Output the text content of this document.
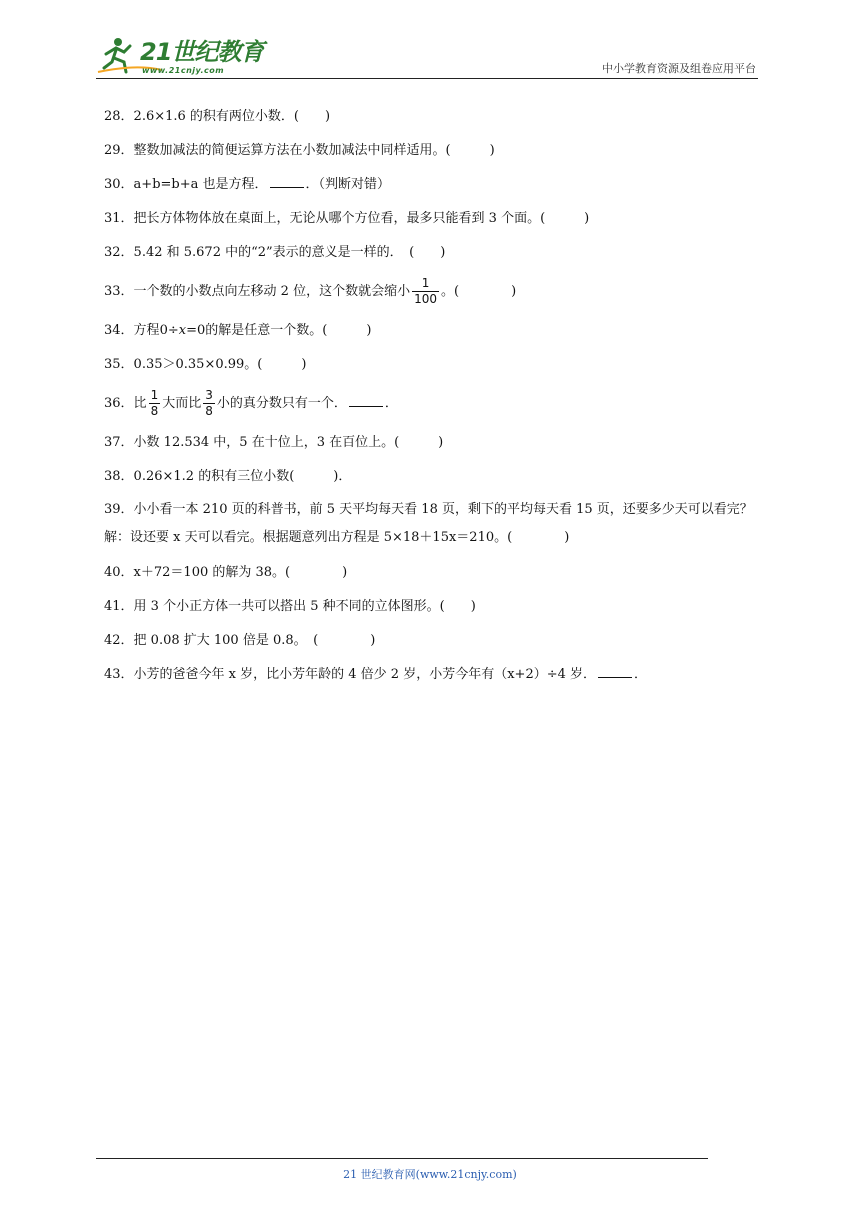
21世纪教育
www.21cnjy.com	中小学教育资源及组卷应用平台
28．2.6×1.6 的积有两位小数．(　　)
29．整数加减法的简便运算方法在小数加减法中同样适用。(　　　)
30．a+b=b+a 也是方程．	．（判断对错）
31．把长方体物体放在桌面上，无论从哪个方位看，最多只能看到 3 个面。(　　　)
32．5.42 和 5.672 中的“2”表示的意义是一样的．　(　　)
33．一个数的小数点向左移动 2 位，这个数就会缩小 $\frac{1}{100}$ 。(　　　　)
34．方程0÷x=0的解是任意一个数。(　　　)
35．0.35＞0.35×0.99。(　　　)
36．比 $\frac{1}{8}$ 大而比 $\frac{3}{8}$ 小的真分数只有一个．	．
37．小数 12.534 中，5 在十位上，3 在百位上。(　　　)
38．0.26×1.2 的积有三位小数(　　　)．
39．小小看一本 210 页的科普书，前 5 天平均每天看 18 页，剩下的平均每天看 15 页，还要多少天可以看完？解：设还要 x 天可以看完。根据题意列出方程是 5×18＋15x＝210。(　　　　)
40．x＋72＝100 的解为 38。(　　　　)
41．用 3 个小正方体一共可以搭出 5 种不同的立体图形。(　　)
42．把 0.08 扩大 100 倍是 0.8。　(　　　　)
43．小芳的爸爸今年 x 岁，比小芳年龄的 4 倍少 2 岁，小芳今年有（x+2）÷4 岁．	．
21 世纪教育网(www.21cnjy.com)
